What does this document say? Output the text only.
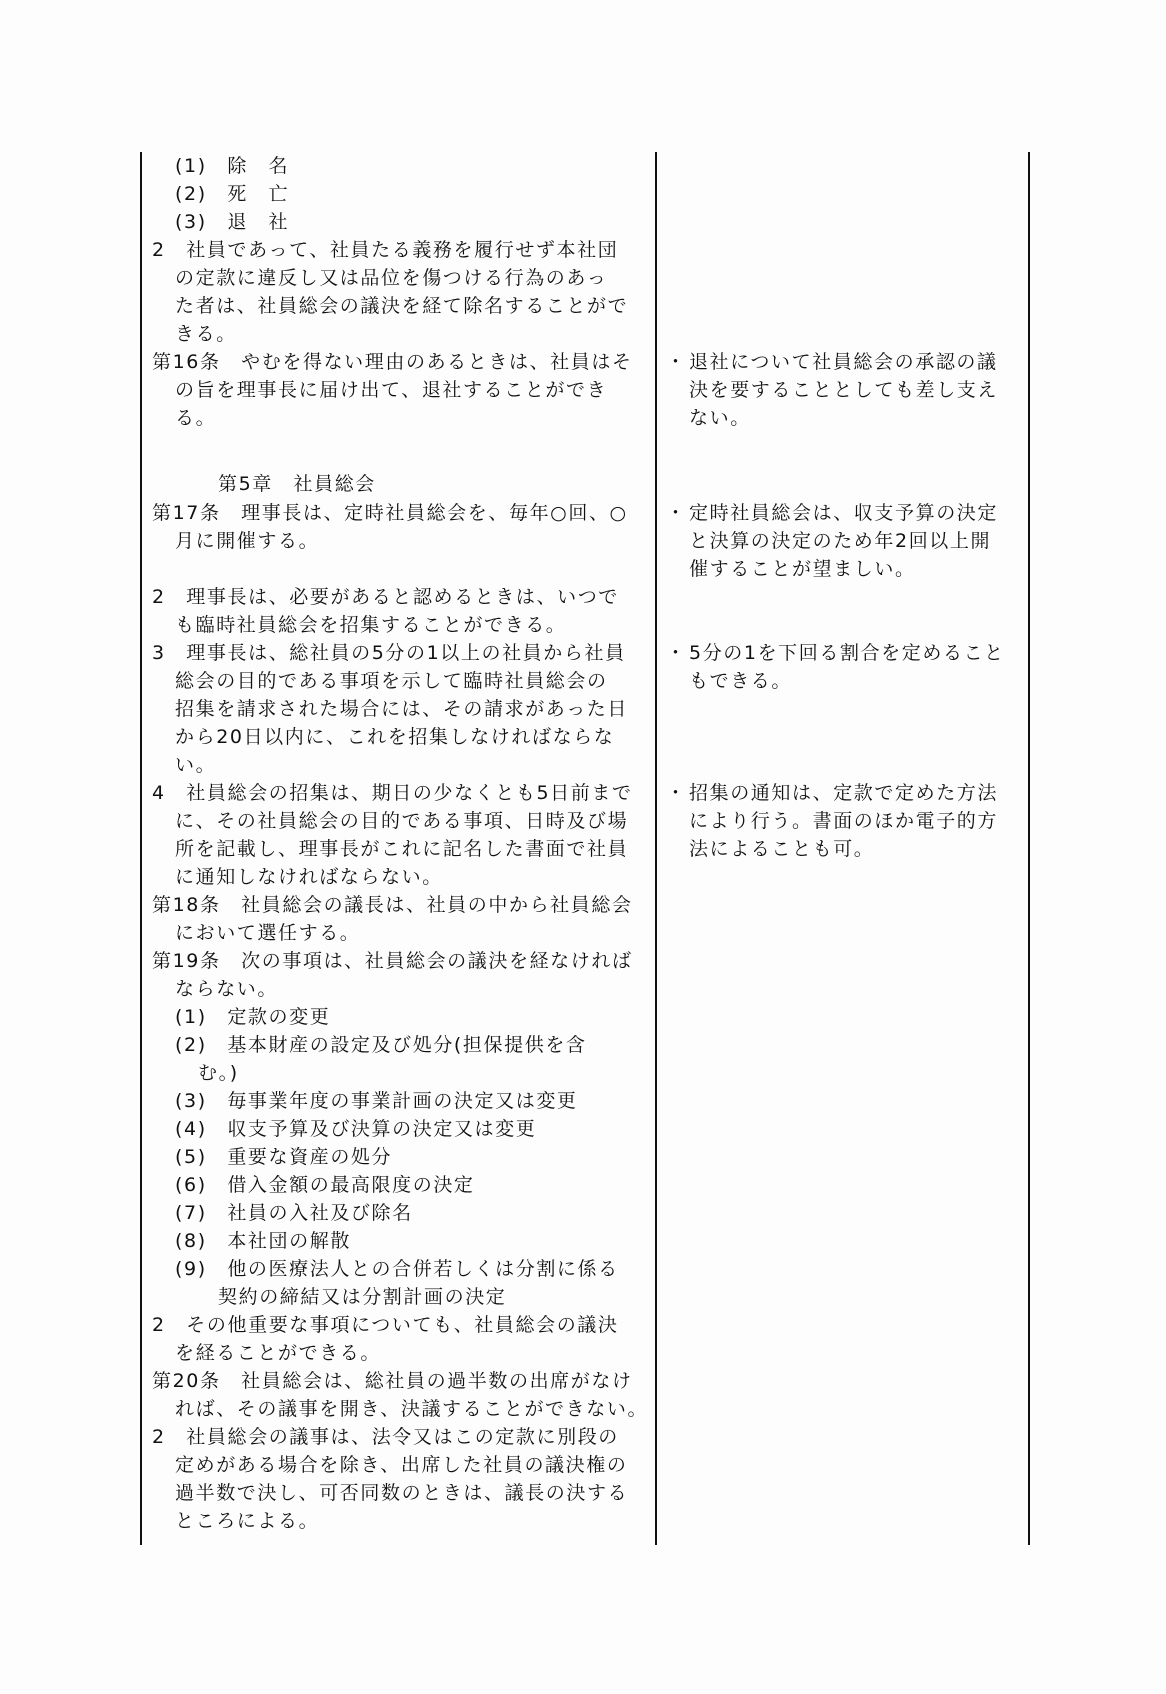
(1)　除　名
(2)　死　亡
(3)　退　社
2　社員であって、社員たる義務を履行せず本社団
の定款に違反し又は品位を傷つける行為のあっ
た者は、社員総会の議決を経て除名することがで
きる。
第16条　やむを得ない理由のあるときは、社員はそ
の旨を理事長に届け出て、退社することができ
る。
第5章　社員総会
第17条　理事長は、定時社員総会を、毎年○回、○
月に開催する。
2　理事長は、必要があると認めるときは、いつで
も臨時社員総会を招集することができる。
3　理事長は、総社員の5分の1以上の社員から社員
総会の目的である事項を示して臨時社員総会の
招集を請求された場合には、その請求があった日
から20日以内に、これを招集しなければならな
い。
4　社員総会の招集は、期日の少なくとも5日前まで
に、その社員総会の目的である事項、日時及び場
所を記載し、理事長がこれに記名した書面で社員
に通知しなければならない。
第18条　社員総会の議長は、社員の中から社員総会
において選任する。
第19条　次の事項は、社員総会の議決を経なければ
ならない。
(1)　定款の変更
(2)　基本財産の設定及び処分(担保提供を含
む。)
(3)　毎事業年度の事業計画の決定又は変更
(4)　収支予算及び決算の決定又は変更
(5)　重要な資産の処分
(6)　借入金額の最高限度の決定
(7)　社員の入社及び除名
(8)　本社団の解散
(9)　他の医療法人との合併若しくは分割に係る
契約の締結又は分割計画の決定
2　その他重要な事項についても、社員総会の議決
を経ることができる。
第20条　社員総会は、総社員の過半数の出席がなけ
れば、その議事を開き、決議することができない。
2　社員総会の議事は、法令又はこの定款に別段の
定めがある場合を除き、出席した社員の議決権の
過半数で決し、可否同数のときは、議長の決する
ところによる。
・ 退社について社員総会の承認の議
決を要することとしても差し支え
ない。
・ 定時社員総会は、収支予算の決定
と決算の決定のため年2回以上開
催することが望ましい。
・ 5分の1を下回る割合を定めること
もできる。
・ 招集の通知は、定款で定めた方法
により行う。書面のほか電子的方
法によることも可。
